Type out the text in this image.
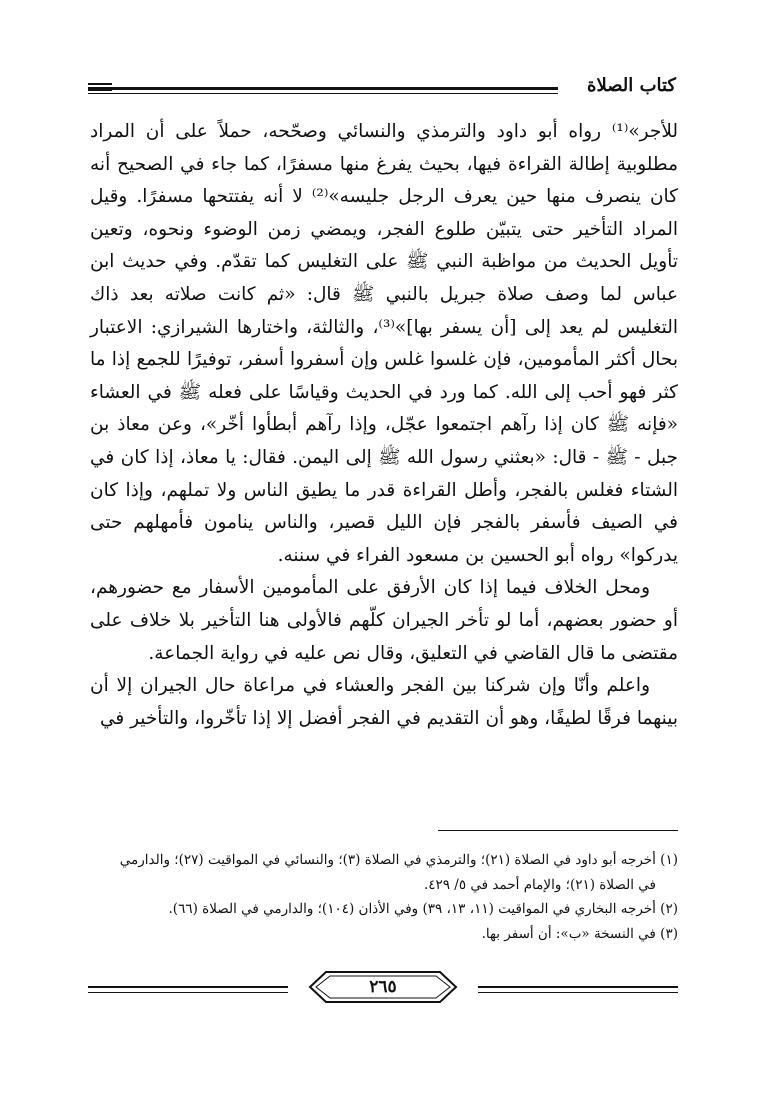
كتاب الصلاة

للأجر»⁽¹⁾ رواه أبو داود والترمذي والنسائي وصحّحه، حملاً على أن المراد مطلوبية إطالة القراءة فيها، بحيث يفرغ منها مسفرًا، كما جاء في الصحيح أنه كان ينصرف منها حين يعرف الرجل جليسه»⁽²⁾ لا أنه يفتتحها مسفرًا. وقيل المراد التأخير حتى يتبيّن طلوع الفجر، ويمضي زمن الوضوء ونحوه، وتعين تأويل الحديث من مواظبة النبي ﷺ على التغليس كما تقدّم. وفي حديث ابن عباس لما وصف صلاة جبريل بالنبي ﷺ قال: «ثم كانت صلاته بعد ذاك التغليس لم يعد إلى [أن يسفر بها]»⁽³⁾، والثالثة، واختارها الشيرازي: الاعتبار بحال أكثر المأمومين، فإن غلسوا غلس وإن أسفروا أسفر، توفيرًا للجمع إذا ما كثر فهو أحب إلى الله. كما ورد في الحديث وقياسًا على فعله ﷺ في العشاء «فإنه ﷺ كان إذا رآهم اجتمعوا عجّل، وإذا رآهم أبطأوا أخّر»، وعن معاذ بن جبل - ﷺ - قال: «بعثني رسول الله ﷺ إلى اليمن. فقال: يا معاذ، إذا كان في الشتاء فغلس بالفجر، وأطل القراءة قدر ما يطيق الناس ولا تملهم، وإذا كان في الصيف فأسفر بالفجر فإن الليل قصير، والناس ينامون فأمهلهم حتى يدركوا» رواه أبو الحسين بن مسعود الفراء في سننه.

ومحل الخلاف فيما إذا كان الأرفق على المأمومين الأسفار مع حضورهم، أو حضور بعضهم، أما لو تأخر الجيران كلّهم فالأولى هنا التأخير بلا خلاف على مقتضى ما قال القاضي في التعليق، وقال نص عليه في رواية الجماعة.

واعلم وأنّا وإن شركنا بين الفجر والعشاء في مراعاة حال الجيران إلا أن بينهما فرقًا لطيفًا، وهو أن التقديم في الفجر أفضل إلا إذا تأخّروا، والتأخير في

(١) أخرجه أبو داود في الصلاة (٢١)؛ والترمذي في الصلاة (٣)؛ والنسائي في المواقيت (٢٧)؛ والدارمي

في الصلاة (٢١)؛ والإمام أحمد في ٥/ ٤٢٩.

(٢) أخرجه البخاري في المواقيت (١١، ١٣، ٣٩) وفي الأذان (١٠٤)؛ والدارمي في الصلاة (٦٦).

(٣) في النسخة «ب»: أن أسفر بها.

٢٦٥
